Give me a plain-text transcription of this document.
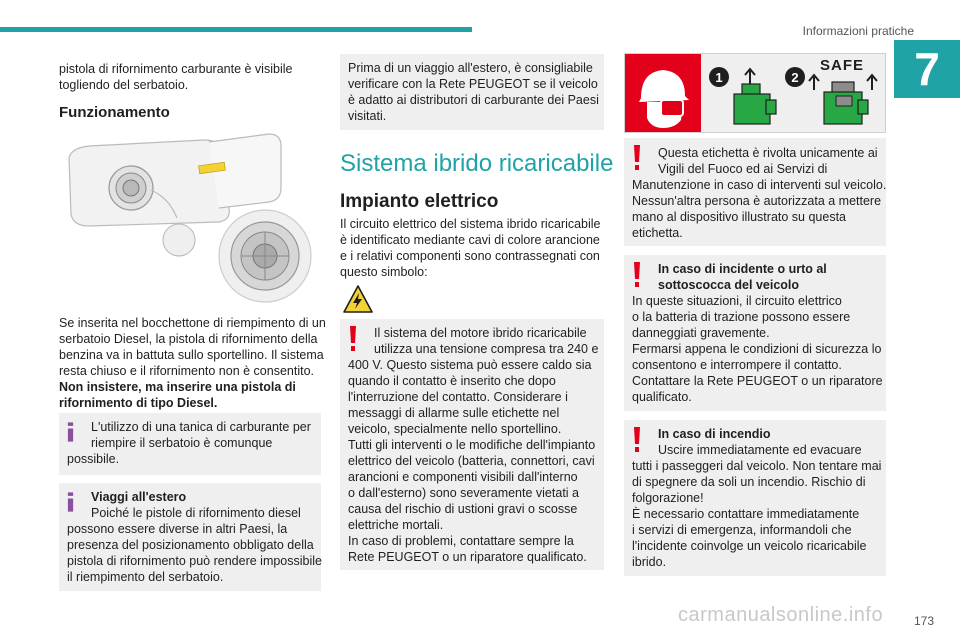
Informazioni pratiche
7
pistola di rifornimento carburante è visibile
togliendo del serbatoio.
Funzionamento
Se inserita nel bocchettone di riempimento di un
serbatoio Diesel, la pistola di rifornimento della
benzina va in battuta sullo sportellino. Il sistema
resta chiuso e il rifornimento non è consentito.
Non insistere, ma inserire una pistola di
rifornimento di tipo Diesel.
L'utilizzo di una tanica di carburante per
riempire il serbatoio è comunque
possibile.
Viaggi all'estero
Poiché le pistole di rifornimento diesel
possono essere diverse in altri Paesi, la
presenza del posizionamento obbligato della
pistola di rifornimento può rendere impossibile
il riempimento del serbatoio.
Prima di un viaggio all'estero, è consigliabile
verificare con la Rete PEUGEOT se il veicolo
è adatto ai distributori di carburante dei Paesi
visitati.
Sistema ibrido ricaricabile
Impianto elettrico
Il circuito elettrico del sistema ibrido ricaricabile
è identificato mediante cavi di colore arancione
e i relativi componenti sono contrassegnati con
questo simbolo:
Il sistema del motore ibrido ricaricabile
utilizza una tensione compresa tra 240 e
400 V. Questo sistema può essere caldo sia
quando il contatto è inserito che dopo
l'interruzione del contatto. Considerare i
messaggi di allarme sulle etichette nel
veicolo, specialmente nello sportellino.
Tutti gli interventi o le modifiche dell'impianto
elettrico del veicolo (batteria, connettori, cavi
arancioni e componenti visibili dall'interno
o dall'esterno) sono severamente vietati a
causa del rischio di ustioni gravi o scosse
elettriche mortali.
In caso di problemi, contattare sempre la
Rete PEUGEOT o un riparatore qualificato.
1	2
SAFE
Questa etichetta è rivolta unicamente ai
Vigili del Fuoco ed ai Servizi di
Manutenzione in caso di interventi sul veicolo.
Nessun'altra persona è autorizzata a mettere
mano al dispositivo illustrato su questa
etichetta.
In caso di incidente o urto al
sottoscocca del veicolo
In queste situazioni, il circuito elettrico
o la batteria di trazione possono essere
danneggiati gravemente.
Fermarsi appena le condizioni di sicurezza lo
consentono e interrompere il contatto.
Contattare la Rete PEUGEOT o un riparatore
qualificato.
In caso di incendio
Uscire immediatamente ed evacuare
tutti i passeggeri dal veicolo. Non tentare mai
di spegnere da soli un incendio. Rischio di
folgorazione!
È necessario contattare immediatamente
i servizi di emergenza, informandoli che
l'incidente coinvolge un veicolo ricaricabile
ibrido.
carmanualsonline.info	173
